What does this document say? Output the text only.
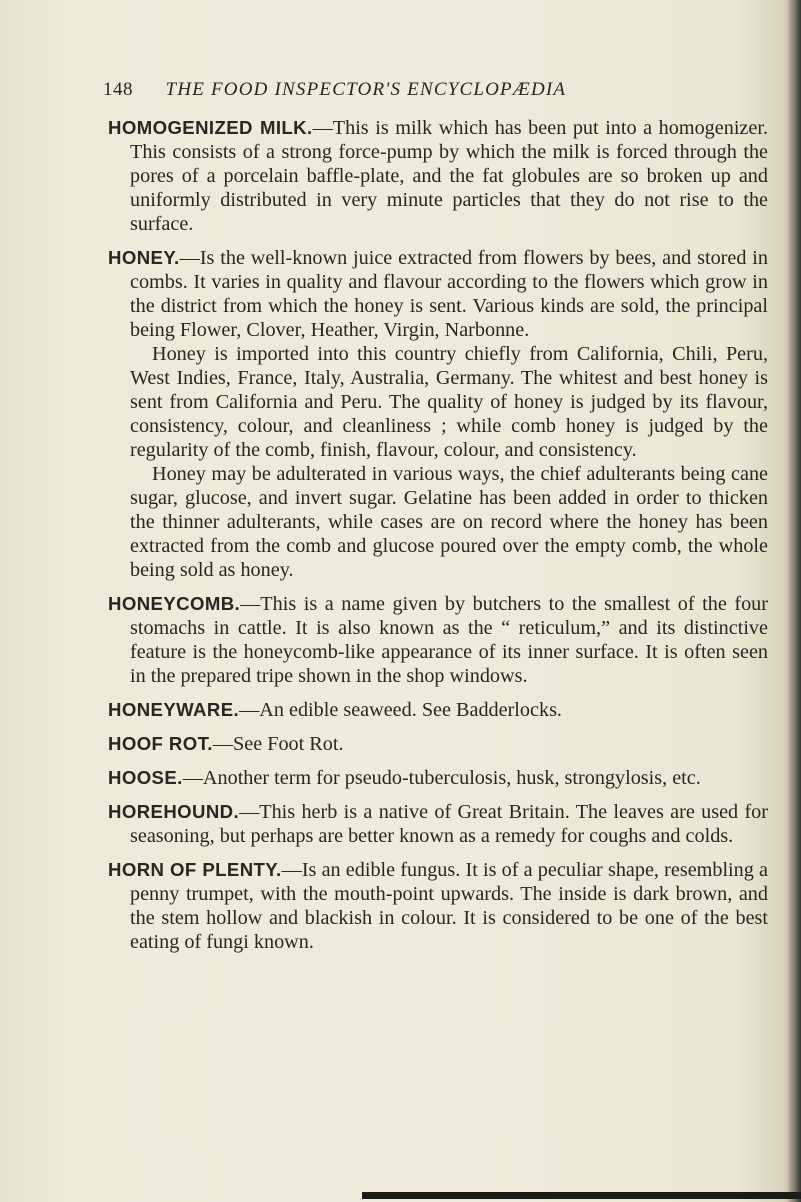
148 THE FOOD INSPECTOR'S ENCYCLOPÆDIA

HOMOGENIZED MILK.—This is milk which has been put into a homogenizer. This consists of a strong force-pump by which the milk is forced through the pores of a porcelain baffle-plate, and the fat globules are so broken up and uniformly distributed in very minute particles that they do not rise to the surface.

HONEY.—Is the well-known juice extracted from flowers by bees, and stored in combs. It varies in quality and flavour according to the flowers which grow in the district from which the honey is sent. Various kinds are sold, the principal being Flower, Clover, Heather, Virgin, Narbonne.

Honey is imported into this country chiefly from California, Chili, Peru, West Indies, France, Italy, Australia, Germany. The whitest and best honey is sent from California and Peru. The quality of honey is judged by its flavour, consistency, colour, and cleanliness ; while comb honey is judged by the regularity of the comb, finish, flavour, colour, and consistency.

Honey may be adulterated in various ways, the chief adulterants being cane sugar, glucose, and invert sugar. Gelatine has been added in order to thicken the thinner adulterants, while cases are on record where the honey has been extracted from the comb and glucose poured over the empty comb, the whole being sold as honey.

HONEYCOMB.—This is a name given by butchers to the smallest of the four stomachs in cattle. It is also known as the “ reticulum,” and its distinctive feature is the honeycomb-like appearance of its inner surface. It is often seen in the prepared tripe shown in the shop windows.

HONEYWARE.—An edible seaweed. See Badderlocks.

HOOF ROT.—See Foot Rot.

HOOSE.—Another term for pseudo-tuberculosis, husk, strongylosis, etc.

HOREHOUND.—This herb is a native of Great Britain. The leaves are used for seasoning, but perhaps are better known as a remedy for coughs and colds.

HORN OF PLENTY.—Is an edible fungus. It is of a peculiar shape, resembling a penny trumpet, with the mouth-point upwards. The inside is dark brown, and the stem hollow and blackish in colour. It is considered to be one of the best eating of fungi known.
